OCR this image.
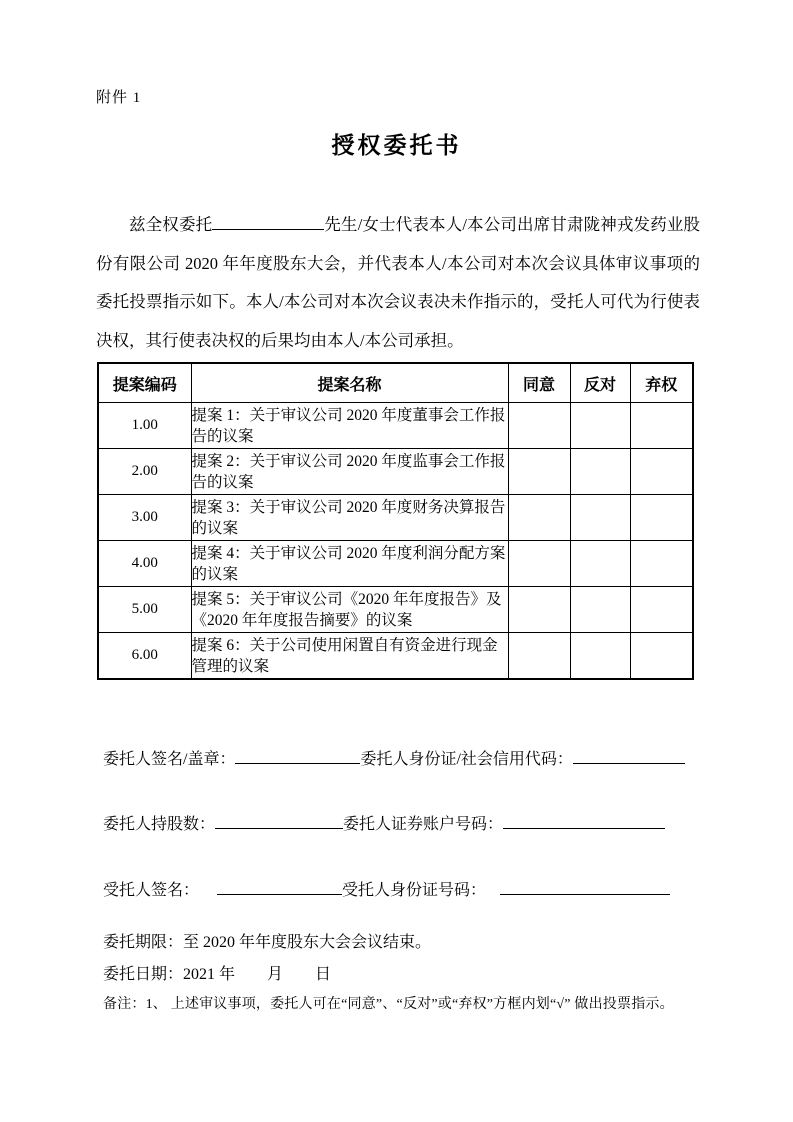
附件 1
授权委托书
兹全权委托	先生/女士代表本人/本公司出席甘肃陇神戎发药业股份有限公司 2020 年年度股东大会，并代表本人/本公司对本次会议具体审议事项的委托投票指示如下。本人/本公司对本次会议表决未作指示的，受托人可代为行使表决权，其行使表决权的后果均由本人/本公司承担。
提案编码	提案名称	同意	反对	弃权
1.00	提案 1：关于审议公司 2020 年度董事会工作报告的议案			
2.00	提案 2：关于审议公司 2020 年度监事会工作报告的议案			
3.00	提案 3：关于审议公司 2020 年度财务决算报告的议案			
4.00	提案 4：关于审议公司 2020 年度利润分配方案的议案			
5.00	提案 5：关于审议公司《2020 年年度报告》及《2020 年年度报告摘要》的议案			
6.00	提案 6：关于公司使用闲置自有资金进行现金管理的议案			
委托人签名/盖章：	委托人身份证/社会信用代码：
委托人持股数：	委托人证券账户号码：
受托人签名：	受托人身份证号码：
委托期限：至 2020 年年度股东大会会议结束。
委托日期：2021 年　　月　　日
备注：1、 上述审议事项，委托人可在“同意”、“反对”或“弃权”方框内划“√” 做出投票指示。
